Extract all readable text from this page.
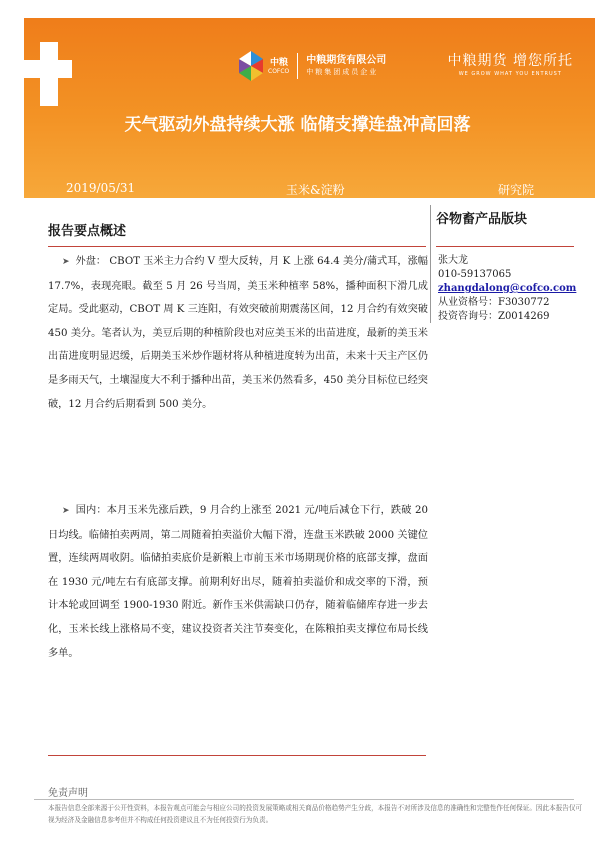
中粮
COFCO
中粮期货有限公司
中粮集团成员企业
中粮期货 增您所托
WE GROW WHAT YOU ENTRUST
天气驱动外盘持续大涨 临储支撑连盘冲高回落
2019/05/31	玉米&淀粉	研究院
报告要点概述
谷物畜产品版块
张大龙
010-59137065
zhangdalong@cofco.com
从业资格号：F3030772
投资咨询号：Z0014269

➤ 外盘： CBOT 玉米主力合约 V 型大反转，月 K 上涨 64.4 美分/蒲式耳，涨幅 17.7%，表现亮眼。截至 5 月 26 号当周，美玉米种植率 58%，播种面积下滑几成定局。受此驱动，CBOT 周 K 三连阳，有效突破前期震荡区间，12 月合约有效突破 450 美分。笔者认为，美豆后期的种植阶段也对应美玉米的出苗进度，最新的美玉米出苗进度明显迟缓，后期美玉米炒作题材将从种植进度转为出苗，未来十天主产区仍是多雨天气，土壤湿度大不利于播种出苗，美玉米仍然看多，450 美分目标位已经突破，12 月合约后期看到 500 美分。

➤ 国内：本月玉米先涨后跌，9 月合约上涨至 2021 元/吨后减仓下行，跌破 20 日均线。临储拍卖两周，第二周随着拍卖溢价大幅下滑，连盘玉米跌破 2000 关键位置，连续两周收阴。临储拍卖底价是新粮上市前玉米市场期现价格的底部支撑，盘面在 1930 元/吨左右有底部支撑。前期利好出尽，随着拍卖溢价和成交率的下滑，预计本轮或回调至 1900-1930 附近。新作玉米供需缺口仍存，随着临储库存进一步去化，玉米长线上涨格局不变，建议投资者关注节奏变化，在陈粮拍卖支撑位布局长线多单。

免责声明

本报告信息全部来源于公开性资料，本报告观点可能会与相应公司的投资发展策略或相关商品价格趋势产生分歧，本报告不对所涉及信息的准确性和完整性作任何保证。因此本报告仅可视为经济及金融信息参考但并不构成任何投资建议且不为任何投资行为负责。
